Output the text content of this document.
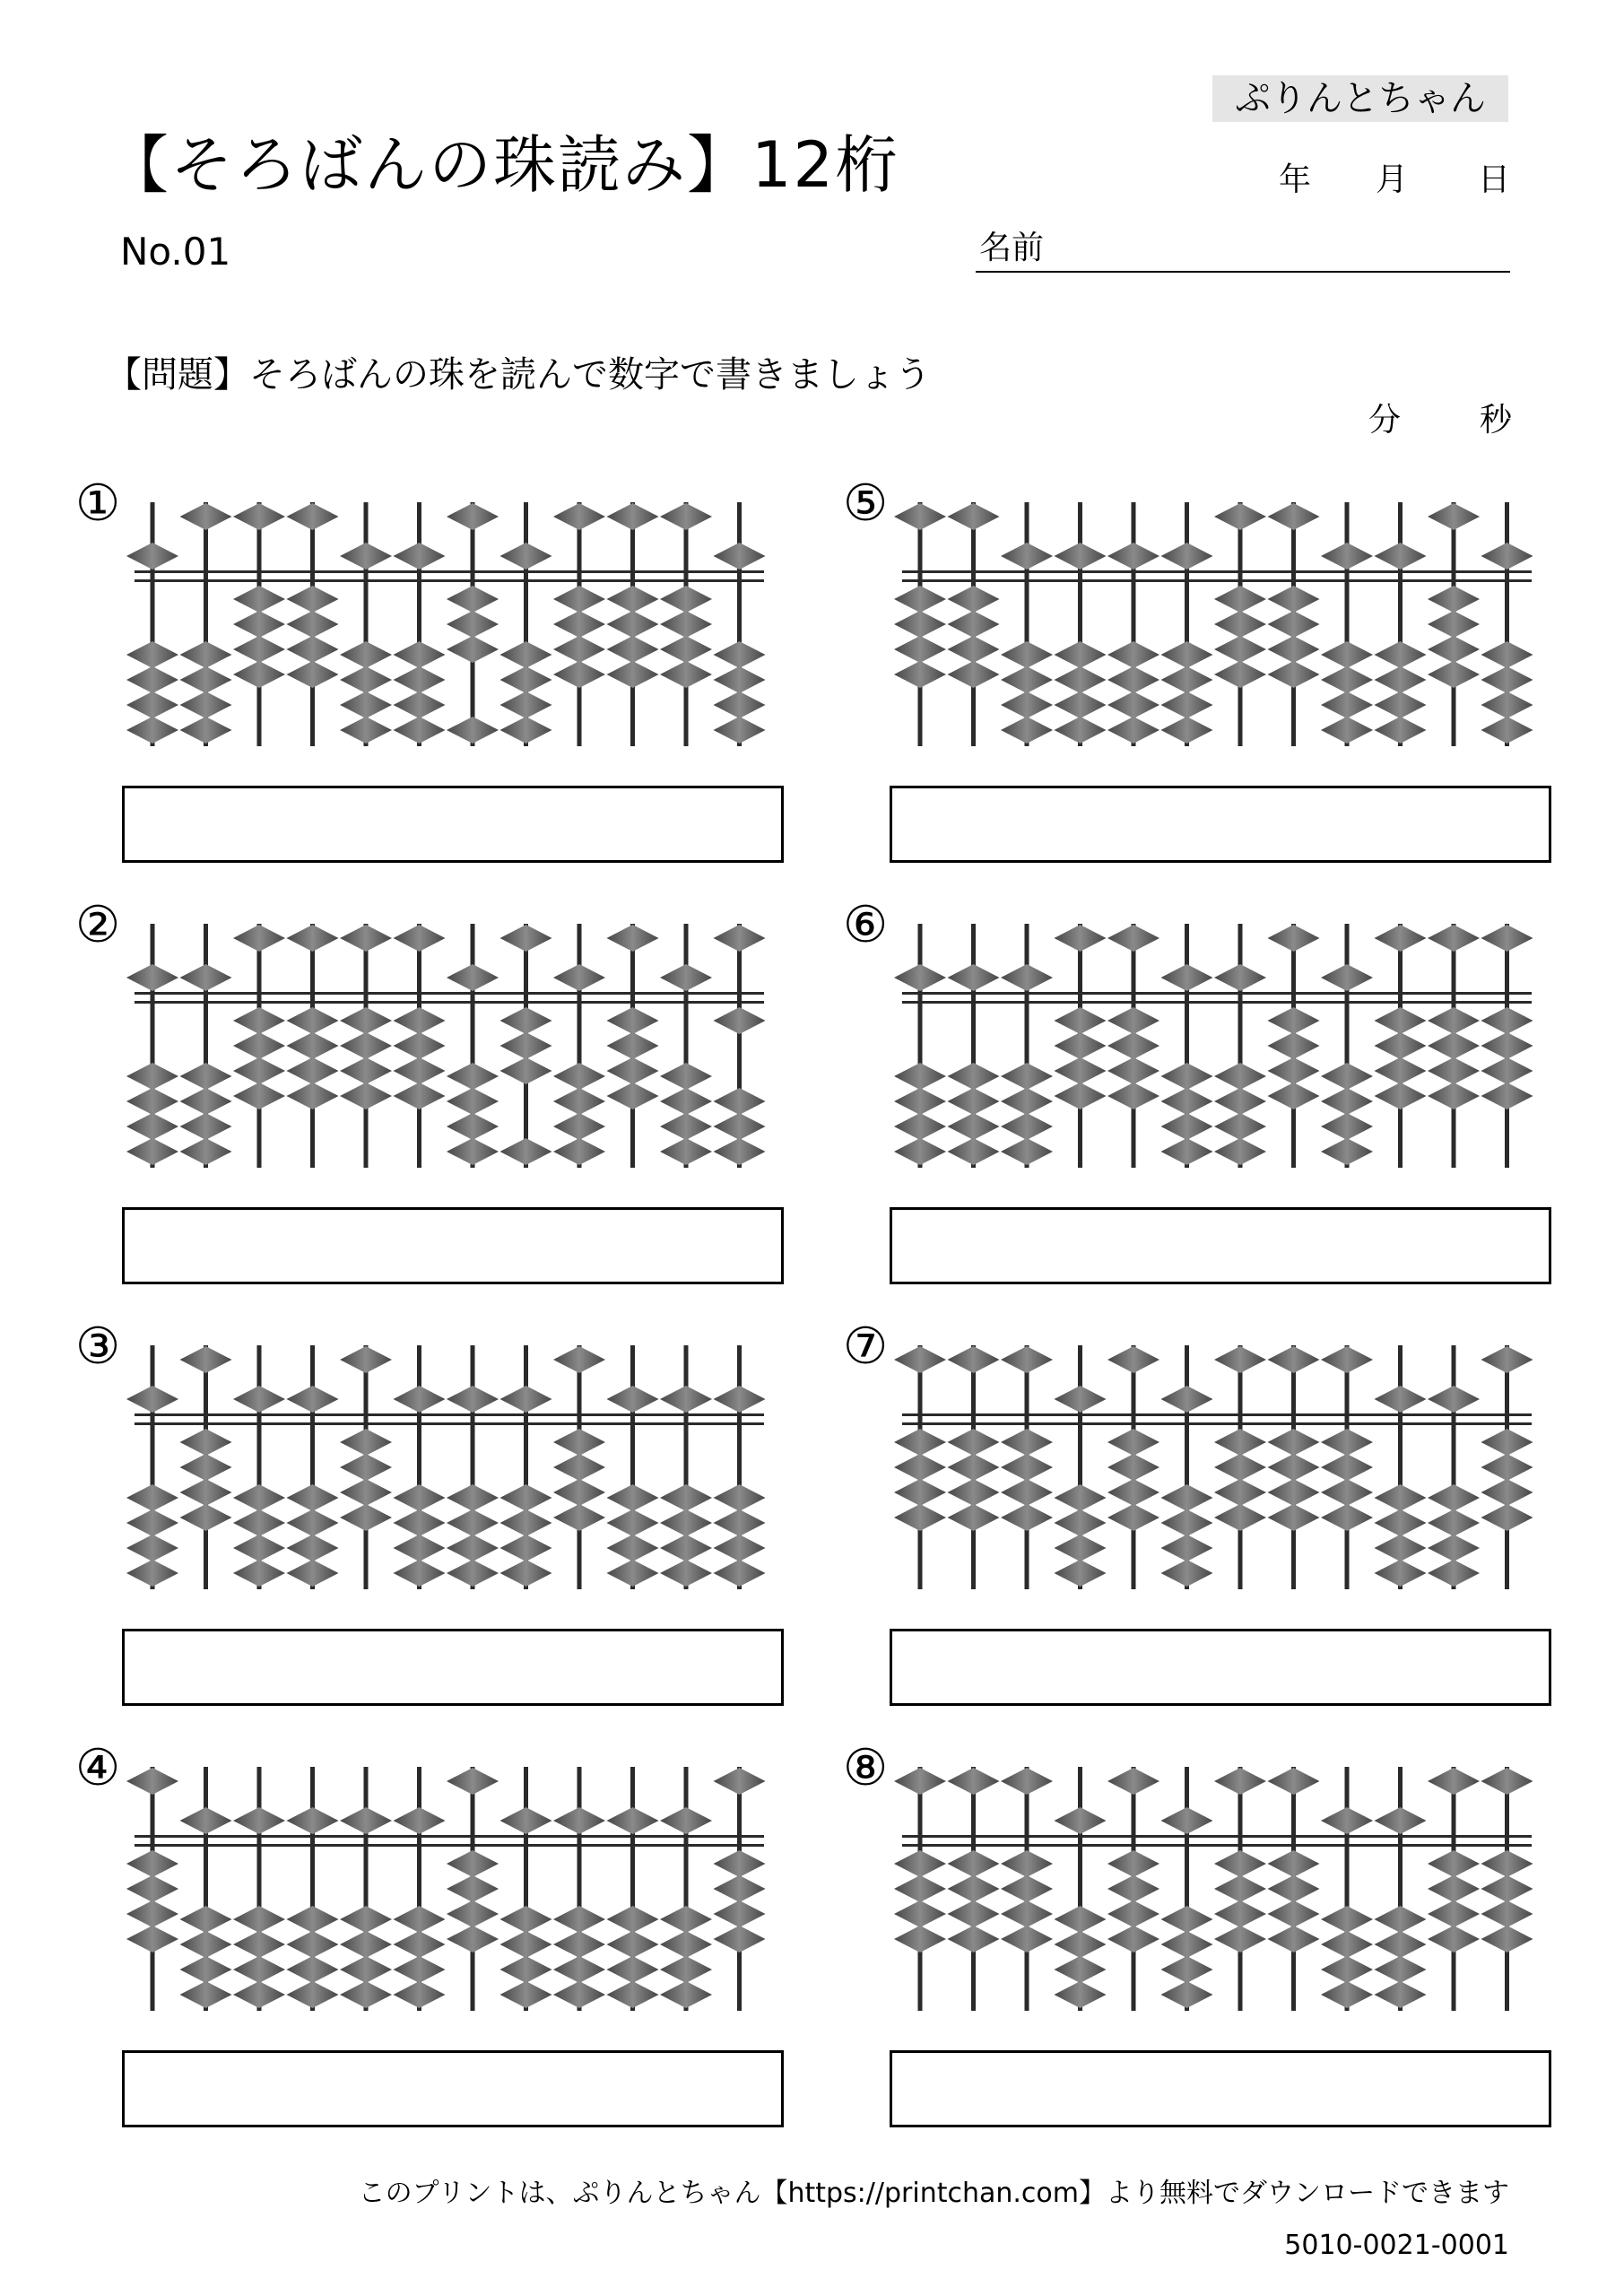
ぷりんとちゃん
【そろばんの珠読み】12桁	年 月 日
No.01	名前
【問題】そろばんの珠を読んで数字で書きましょう
分 秒
①
②
③
④
⑤
⑥
⑦
⑧
このプリントは、ぷりんとちゃん【https://printchan.com】より無料でダウンロードできます
5010-0021-0001
